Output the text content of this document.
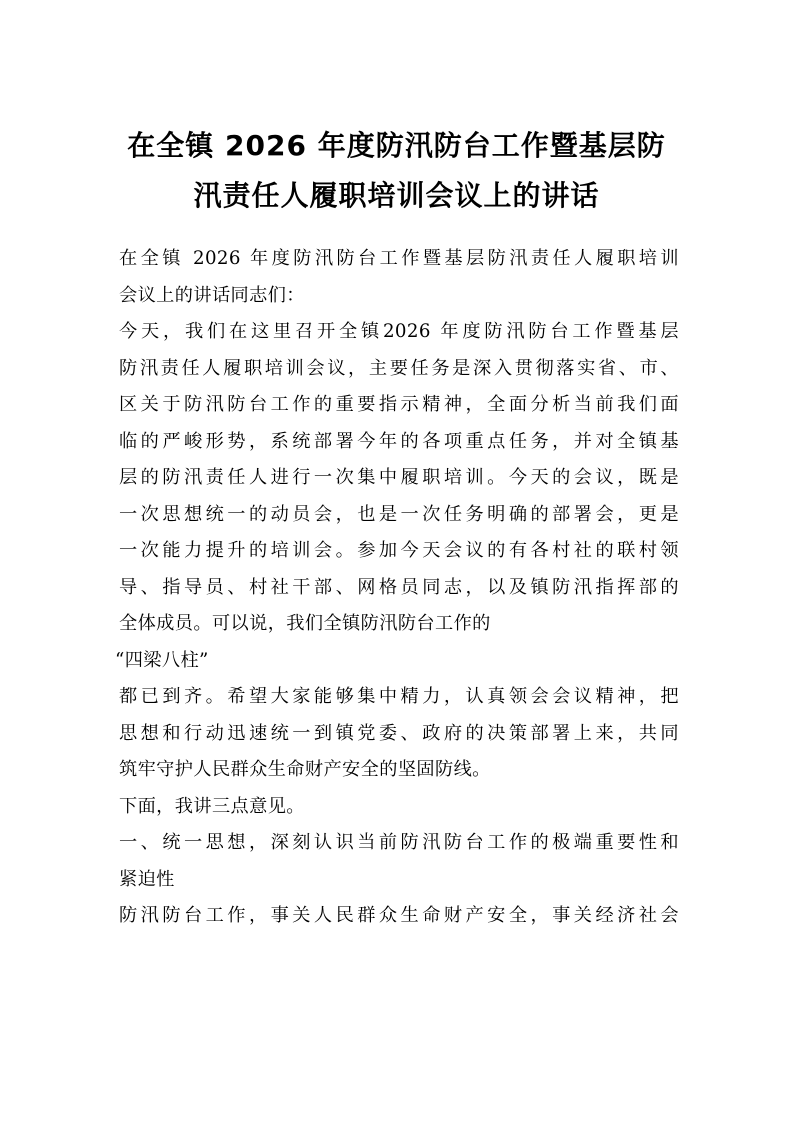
在全镇 2026 年度防汛防台工作暨基层防
汛责任人履职培训会议上的讲话
在全镇 2026 年度防汛防台工作暨基层防汛责任人履职培训
会议上的讲话同志们：
今天，我们在这里召开全镇2026 年度防汛防台工作暨基层
防汛责任人履职培训会议，主要任务是深入贯彻落实省、市、
区关于防汛防台工作的重要指示精神，全面分析当前我们面
临的严峻形势，系统部署今年的各项重点任务，并对全镇基
层的防汛责任人进行一次集中履职培训。今天的会议，既是
一次思想统一的动员会，也是一次任务明确的部署会，更是
一次能力提升的培训会。参加今天会议的有各村社的联村领
导、指导员、村社干部、网格员同志，以及镇防汛指挥部的
全体成员。可以说，我们全镇防汛防台工作的
“四梁八柱”
都已到齐。希望大家能够集中精力，认真领会会议精神，把
思想和行动迅速统一到镇党委、政府的决策部署上来，共同
筑牢守护人民群众生命财产安全的坚固防线。
下面，我讲三点意见。
一、统一思想，深刻认识当前防汛防台工作的极端重要性和
紧迫性
防汛防台工作，事关人民群众生命财产安全，事关经济社会
